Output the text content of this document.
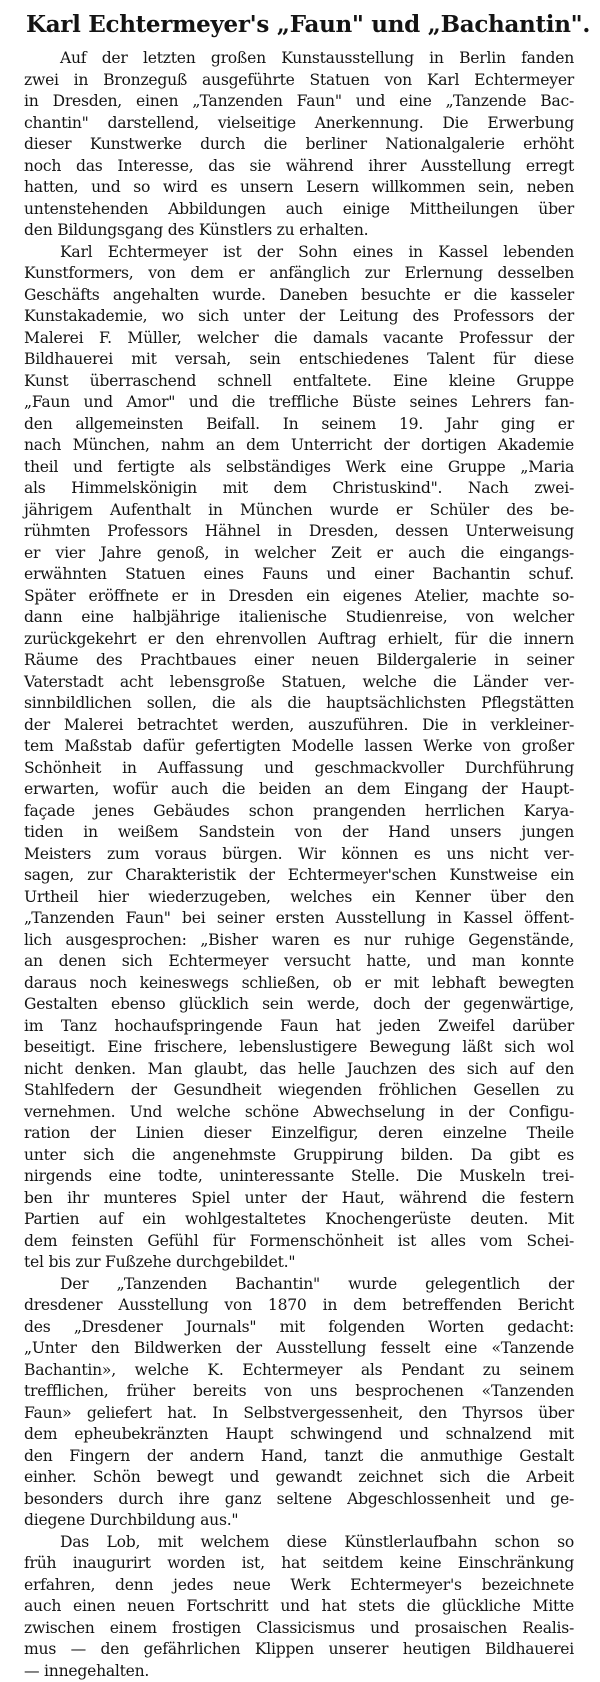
Karl Echtermeyer's „Faun" und „Bachantin".
Auf der letzten großen Kunstausstellung in Berlin fanden
zwei in Bronzeguß ausgeführte Statuen von Karl Echtermeyer
in Dresden, einen „Tanzenden Faun" und eine „Tanzende Bac-
chantin" darstellend, vielseitige Anerkennung. Die Erwerbung
dieser Kunstwerke durch die berliner Nationalgalerie erhöht
noch das Interesse, das sie während ihrer Ausstellung erregt
hatten, und so wird es unsern Lesern willkommen sein, neben
untenstehenden Abbildungen auch einige Mittheilungen über
den Bildungsgang des Künstlers zu erhalten.
Karl Echtermeyer ist der Sohn eines in Kassel lebenden
Kunstformers, von dem er anfänglich zur Erlernung desselben
Geschäfts angehalten wurde. Daneben besuchte er die kasseler
Kunstakademie, wo sich unter der Leitung des Professors der
Malerei F. Müller, welcher die damals vacante Professur der
Bildhauerei mit versah, sein entschiedenes Talent für diese
Kunst überraschend schnell entfaltete. Eine kleine Gruppe
„Faun und Amor" und die treffliche Büste seines Lehrers fan-
den allgemeinsten Beifall. In seinem 19. Jahr ging er
nach München, nahm an dem Unterricht der dortigen Akademie
theil und fertigte als selbständiges Werk eine Gruppe „Maria
als Himmelskönigin mit dem Christuskind". Nach zwei-
jährigem Aufenthalt in München wurde er Schüler des be-
rühmten Professors Hähnel in Dresden, dessen Unterweisung
er vier Jahre genoß, in welcher Zeit er auch die eingangs-
erwähnten Statuen eines Fauns und einer Bachantin schuf.
Später eröffnete er in Dresden ein eigenes Atelier, machte so-
dann eine halbjährige italienische Studienreise, von welcher
zurückgekehrt er den ehrenvollen Auftrag erhielt, für die innern
Räume des Prachtbaues einer neuen Bildergalerie in seiner
Vaterstadt acht lebensgroße Statuen, welche die Länder ver-
sinnbildlichen sollen, die als die hauptsächlichsten Pflegstätten
der Malerei betrachtet werden, auszuführen. Die in verkleiner-
tem Maßstab dafür gefertigten Modelle lassen Werke von großer
Schönheit in Auffassung und geschmackvoller Durchführung
erwarten, wofür auch die beiden an dem Eingang der Haupt-
façade jenes Gebäudes schon prangenden herrlichen Karya-
tiden in weißem Sandstein von der Hand unsers jungen
Meisters zum voraus bürgen. Wir können es uns nicht ver-
sagen, zur Charakteristik der Echtermeyer'schen Kunstweise ein
Urtheil hier wiederzugeben, welches ein Kenner über den
„Tanzenden Faun" bei seiner ersten Ausstellung in Kassel öffent-
lich ausgesprochen: „Bisher waren es nur ruhige Gegenstände,
an denen sich Echtermeyer versucht hatte, und man konnte
daraus noch keineswegs schließen, ob er mit lebhaft bewegten
Gestalten ebenso glücklich sein werde, doch der gegenwärtige,
im Tanz hochaufspringende Faun hat jeden Zweifel darüber
beseitigt. Eine frischere, lebenslustigere Bewegung läßt sich wol
nicht denken. Man glaubt, das helle Jauchzen des sich auf den
Stahlfedern der Gesundheit wiegenden fröhlichen Gesellen zu
vernehmen. Und welche schöne Abwechselung in der Configu-
ration der Linien dieser Einzelfigur, deren einzelne Theile
unter sich die angenehmste Gruppirung bilden. Da gibt es
nirgends eine todte, uninteressante Stelle. Die Muskeln trei-
ben ihr munteres Spiel unter der Haut, während die festern
Partien auf ein wohlgestaltetes Knochengerüste deuten. Mit
dem feinsten Gefühl für Formenschönheit ist alles vom Schei-
tel bis zur Fußzehe durchgebildet."
Der „Tanzenden Bachantin" wurde gelegentlich der
dresdener Ausstellung von 1870 in dem betreffenden Bericht
des „Dresdener Journals" mit folgenden Worten gedacht:
„Unter den Bildwerken der Ausstellung fesselt eine «Tanzende
Bachantin», welche K. Echtermeyer als Pendant zu seinem
trefflichen, früher bereits von uns besprochenen «Tanzenden
Faun» geliefert hat. In Selbstvergessenheit, den Thyrsos über
dem epheubekränzten Haupt schwingend und schnalzend mit
den Fingern der andern Hand, tanzt die anmuthige Gestalt
einher. Schön bewegt und gewandt zeichnet sich die Arbeit
besonders durch ihre ganz seltene Abgeschlossenheit und ge-
diegene Durchbildung aus."
Das Lob, mit welchem diese Künstlerlaufbahn schon so
früh inaugurirt worden ist, hat seitdem keine Einschränkung
erfahren, denn jedes neue Werk Echtermeyer's bezeichnete
auch einen neuen Fortschritt und hat stets die glückliche Mitte
zwischen einem frostigen Classicismus und prosaischen Realis-
mus — den gefährlichen Klippen unserer heutigen Bildhauerei
— innegehalten.
